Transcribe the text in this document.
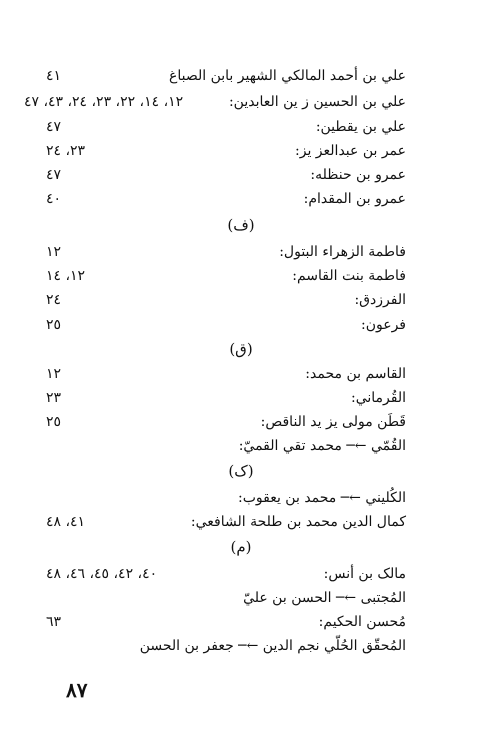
علي بن أحمد المالكي الشهير بابن الصباغ
٤١
علي بن الحسين ز ين العابدين:
١٢، ١٤، ٢٢، ٢٣، ٢٤، ٤٣، ٤٧
علي بن يقطين:
٤٧
عمر بن عبدالعز يز:
٢٣، ٢٤
عمرو بن حنظله:
٤٧
عمرو بن المقدام:
٤٠
(ف)
فاطمة الزهراء البتول:
١٢
فاطمة بنت القاسم:
١٢، ١٤
الفرزدق:
٢٤
فرعون:
٢٥
(ق)
القاسم بن محمد:
١٢
القُرماني:
٢٣
قَطَن مولى يز يد الناقص:
٢٥
القُمّي ←─ محمد تقي القميّ:
(ک)
الكُليني ←─ محمد بن يعقوب:
كمال الدين محمد بن طلحة الشافعي:
٤١، ٤٨
(م)
مالک بن أنس:
٤٠، ٤٢، ٤٥، ٤٦، ٤٨
المُجتبى ←─ الحسن بن عليّ
مُحسن الحكيم:
٦٣
المُحقّق الحُلّي نجم الدين ←─ جعفر بن الحسن
٨٧
